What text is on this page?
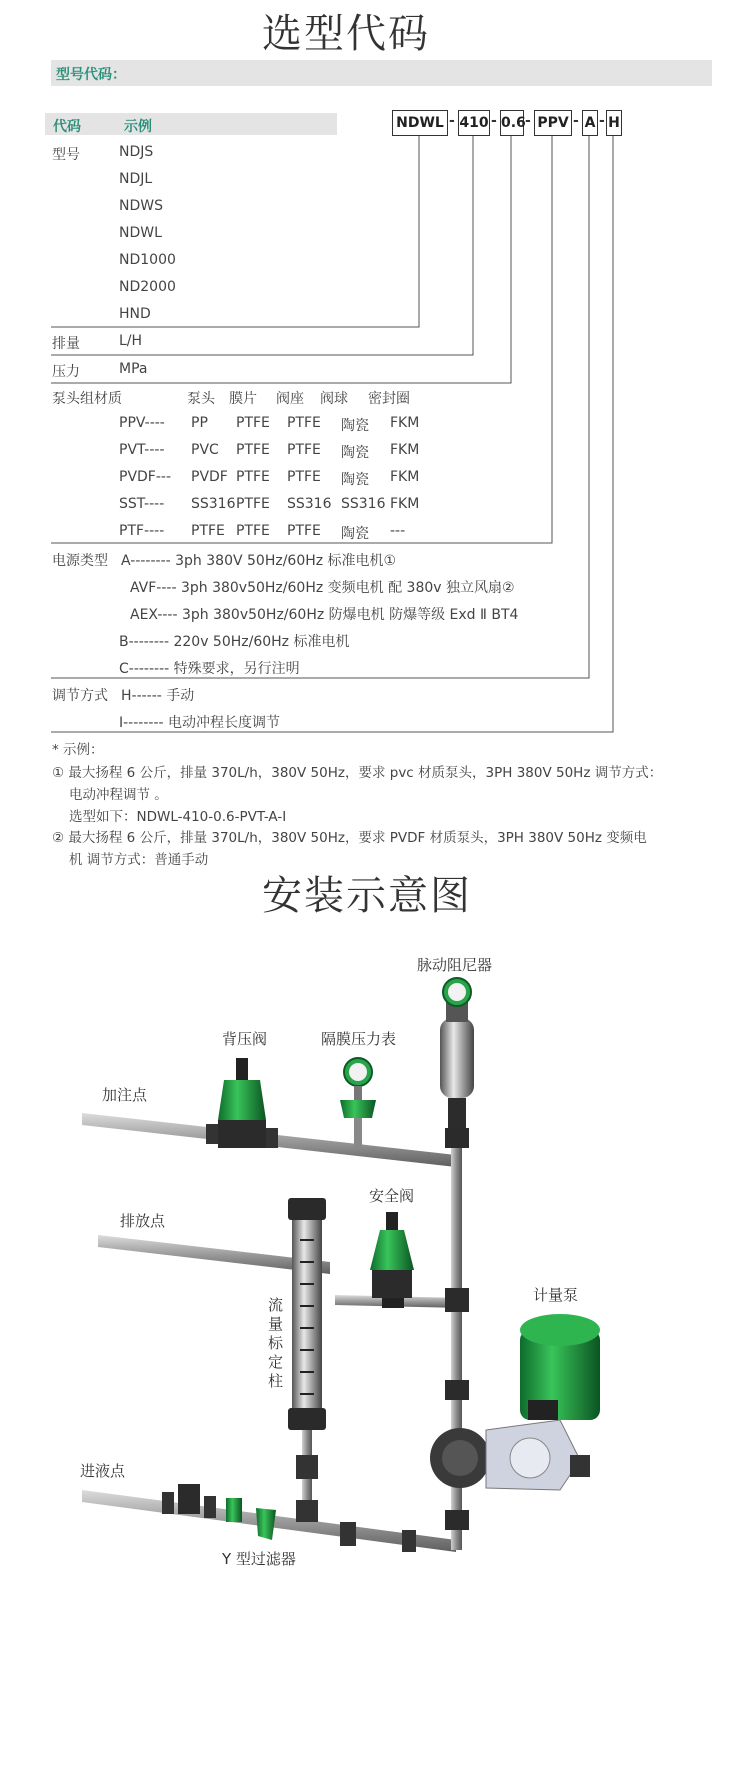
选型代码
型号代码：
代码	示例	NDWL - 410 - 0.6 - PPV - A - H
型号	NDJS
NDJL
NDWS
NDWL
ND1000
ND2000
HND
排量	L/H
压力	MPa
泵头组材质	泵头 膜片 阀座 阀球 密封圈
PPV---- PP PTFE PTFE 陶瓷 FKM
PVT---- PVC PTFE PTFE 陶瓷 FKM
PVDF--- PVDF PTFE PTFE 陶瓷 FKM
SST---- SS316 PTFE SS316 SS316 FKM
PTF---- PTFE PTFE PTFE 陶瓷 ---
电源类型 A-------- 3ph 380V 50Hz/60Hz 标准电机①
AVF---- 3ph 380v50Hz/60Hz 变频电机 配 380v 独立风扇②
AEX---- 3ph 380v50Hz/60Hz 防爆电机 防爆等级 Exd Ⅱ BT4
B-------- 220v 50Hz/60Hz 标准电机
C-------- 特殊要求，另行注明
调节方式 H------ 手动
I-------- 电动冲程长度调节
* 示例：
① 最大扬程 6 公斤，排量 370L/h，380V 50Hz，要求 pvc 材质泵头，3PH 380V 50Hz 调节方式：
电动冲程调节 。
选型如下：NDWL-410-0.6-PVT-A-I
② 最大扬程 6 公斤，排量 370L/h，380V 50Hz，要求 PVDF 材质泵头，3PH 380V 50Hz 变频电
机 调节方式：普通手动
安装示意图
脉动阻尼器
背压阀	隔膜压力表
加注点
安全阀
排放点
流量标定柱
计量泵
进液点
Y 型过滤器
